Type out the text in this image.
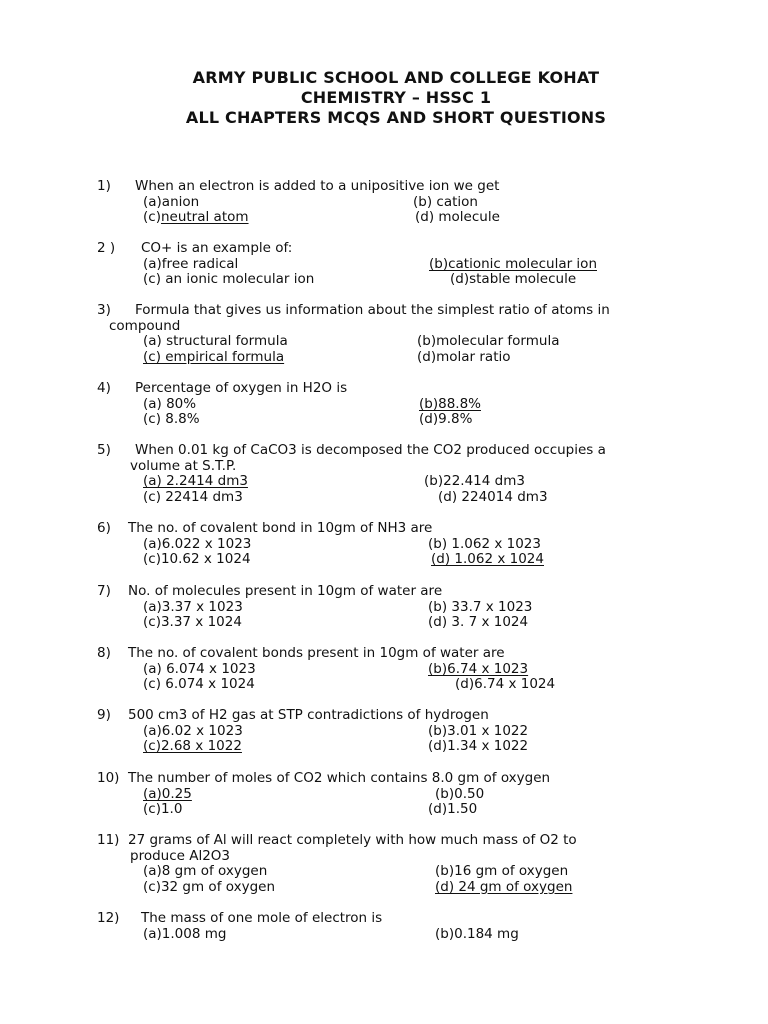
ARMY PUBLIC SCHOOL AND COLLEGE KOHAT
CHEMISTRY – HSSC 1
ALL CHAPTERS MCQS AND SHORT QUESTIONS
1) When an electron is added to a unipositive ion we get
(a)anion	(b) cation
(c)neutral atom	(d) molecule
2 ) CO+ is an example of:
(a)free radical	(b)cationic molecular ion
(c) an ionic molecular ion	(d)stable molecule
3) Formula that gives us information about the simplest ratio of atoms in
compound
(a) structural formula	(b)molecular formula
(c) empirical formula	(d)molar ratio
4) Percentage of oxygen in H2O is
(a) 80%	(b)88.8%
(c) 8.8%	(d)9.8%
5) When 0.01 kg of CaCO3 is decomposed the CO2 produced occupies a
volume at S.T.P.
(a) 2.2414 dm3	(b)22.414 dm3
(c) 22414 dm3	(d) 224014 dm3
6) The no. of covalent bond in 10gm of NH3 are
(a)6.022 x 1023	(b) 1.062 x 1023
(c)10.62 x 1024	(d) 1.062 x 1024
7) No. of molecules present in 10gm of water are
(a)3.37 x 1023	(b) 33.7 x 1023
(c)3.37 x 1024	(d) 3. 7 x 1024
8) The no. of covalent bonds present in 10gm of water are
(a) 6.074 x 1023	(b)6.74 x 1023
(c) 6.074 x 1024	(d)6.74 x 1024
9) 500 cm3 of H2 gas at STP contradictions of hydrogen
(a)6.02 x 1023	(b)3.01 x 1022
(c)2.68 x 1022	(d)1.34 x 1022
10) The number of moles of CO2 which contains 8.0 gm of oxygen
(a)0.25	(b)0.50
(c)1.0	(d)1.50
11) 27 grams of Al will react completely with how much mass of O2 to
produce Al2O3
(a)8 gm of oxygen	(b)16 gm of oxygen
(c)32 gm of oxygen	(d) 24 gm of oxygen
12) The mass of one mole of electron is
(a)1.008 mg	(b)0.184 mg
